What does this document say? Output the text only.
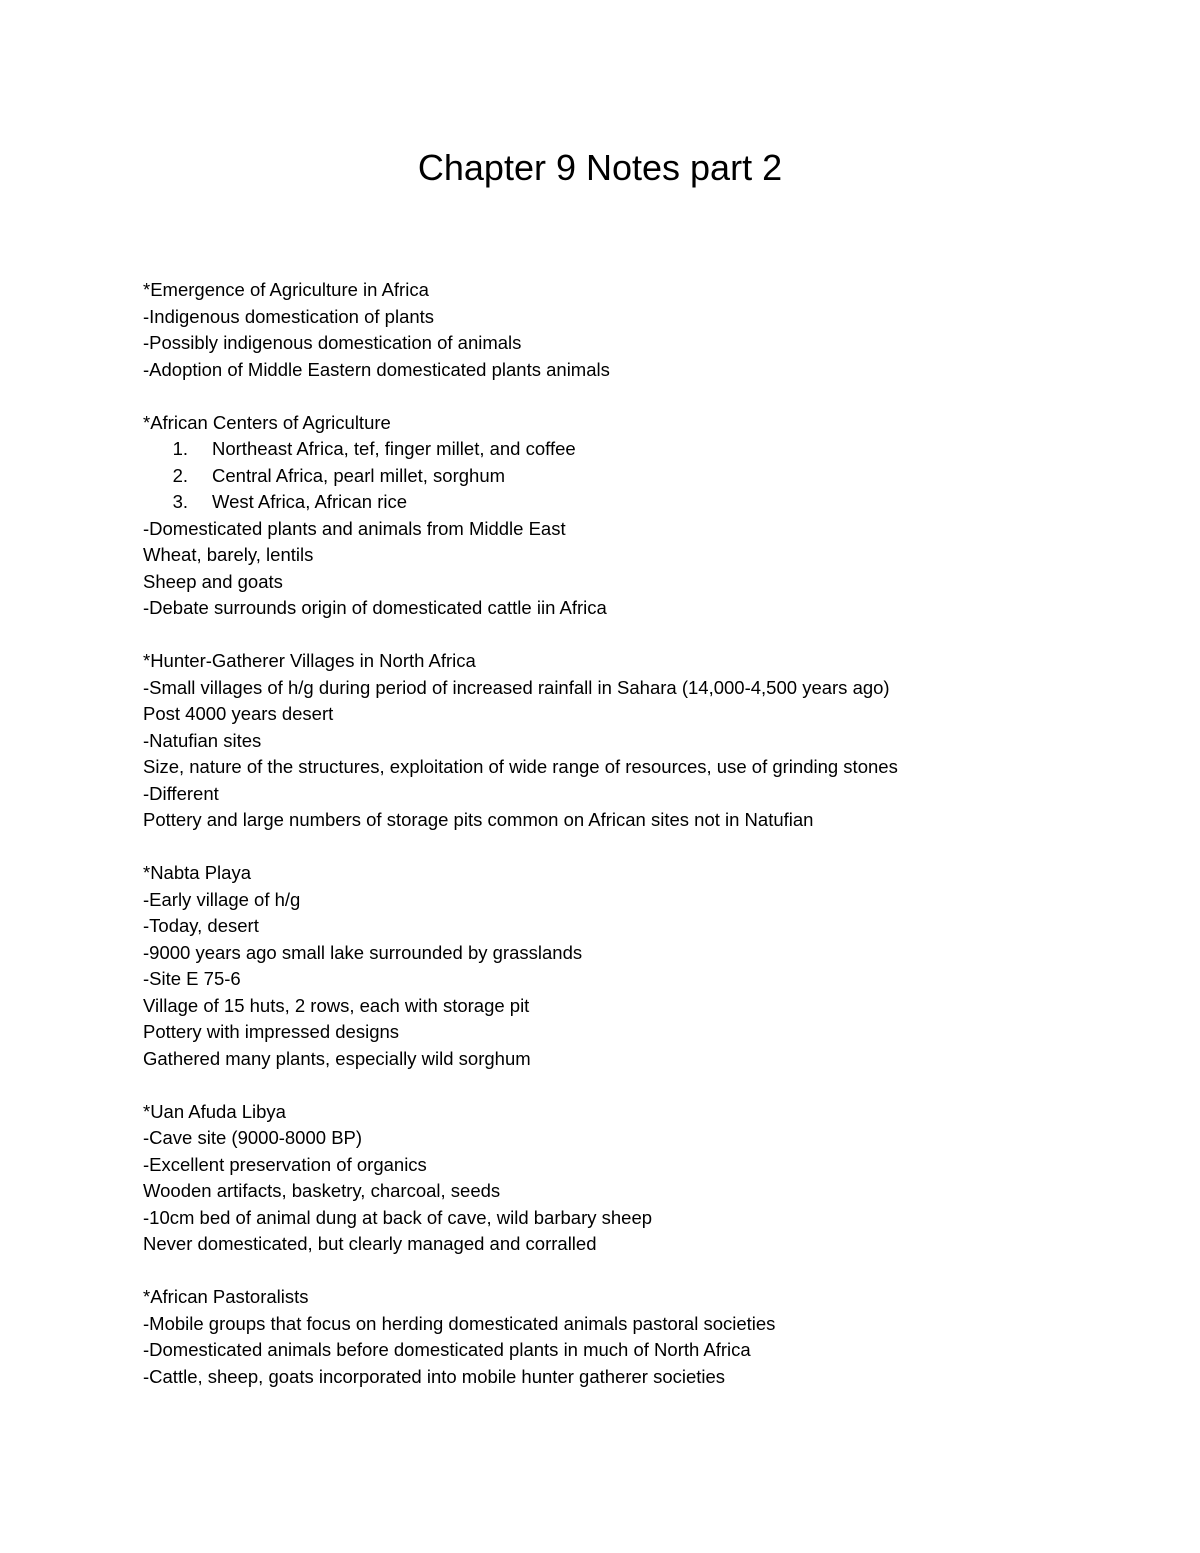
Chapter 9 Notes part 2
*Emergence of Agriculture in Africa
-Indigenous domestication of plants
-Possibly indigenous domestication of animals
-Adoption of Middle Eastern domesticated plants animals
*African Centers of Agriculture
1.	Northeast Africa, tef, finger millet, and coffee
2.	Central Africa, pearl millet, sorghum
3.	West Africa, African rice
-Domesticated plants and animals from Middle East
Wheat, barely, lentils
Sheep and goats
-Debate surrounds origin of domesticated cattle iin Africa
*Hunter-Gatherer Villages in North Africa
-Small villages of h/g during period of increased rainfall in Sahara (14,000-4,500 years ago)
Post 4000 years desert
-Natufian sites
Size, nature of the structures, exploitation of wide range of resources, use of grinding stones
-Different
Pottery and large numbers of storage pits common on African sites not in Natufian
*Nabta Playa
-Early village of h/g
-Today, desert
-9000 years ago small lake surrounded by grasslands
-Site E 75-6
Village of 15 huts, 2 rows, each with storage pit
Pottery with impressed designs
Gathered many plants, especially wild sorghum
*Uan Afuda Libya
-Cave site (9000-8000 BP)
-Excellent preservation of organics
Wooden artifacts, basketry, charcoal, seeds
-10cm bed of animal dung at back of cave, wild barbary sheep
Never domesticated, but clearly managed and corralled
*African Pastoralists
-Mobile groups that focus on herding domesticated animals pastoral societies
-Domesticated animals before domesticated plants in much of North Africa
-Cattle, sheep, goats incorporated into mobile hunter gatherer societies
